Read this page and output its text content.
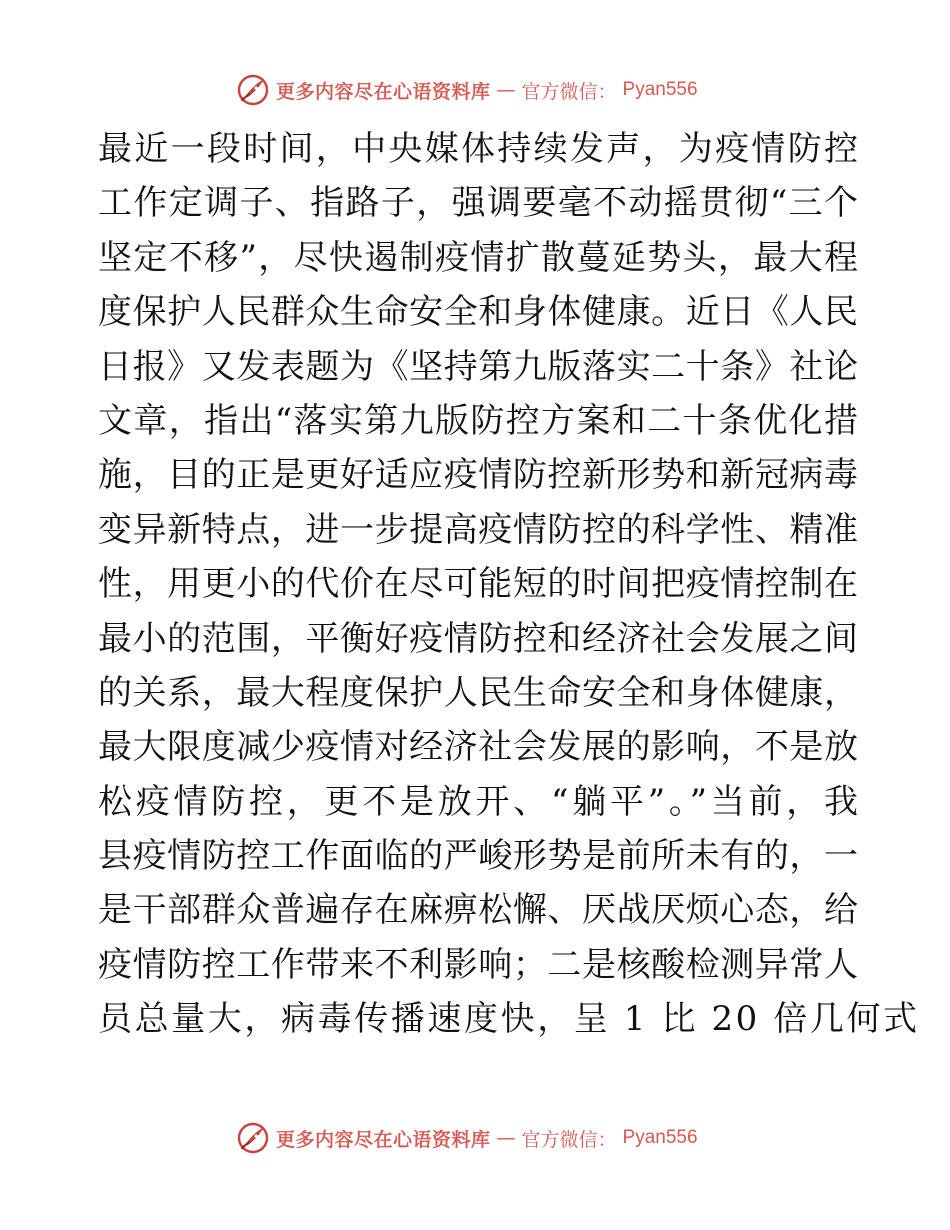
更多内容尽在心语资料库 — 官方微信： Pyan556
最近一段时间，中央媒体持续发声，为疫情防控
工作定调子、指路子，强调要毫不动摇贯彻“三个
坚定不移”，尽快遏制疫情扩散蔓延势头，最大程
度保护人民群众生命安全和身体健康。近日《人民
日报》又发表题为《坚持第九版落实二十条》社论
文章，指出“落实第九版防控方案和二十条优化措
施，目的正是更好适应疫情防控新形势和新冠病毒
变异新特点，进一步提高疫情防控的科学性、精准
性，用更小的代价在尽可能短的时间把疫情控制在
最小的范围，平衡好疫情防控和经济社会发展之间
的关系，最大程度保护人民生命安全和身体健康，
最大限度减少疫情对经济社会发展的影响，不是放
松疫情防控，更不是放开、“躺平”。”当前，我
县疫情防控工作面临的严峻形势是前所未有的，一
是干部群众普遍存在麻痹松懈、厌战厌烦心态，给
疫情防控工作带来不利影响；二是核酸检测异常人
员总量大，病毒传播速度快，呈 1 比 20 倍几何式
更多内容尽在心语资料库 — 官方微信： Pyan556
